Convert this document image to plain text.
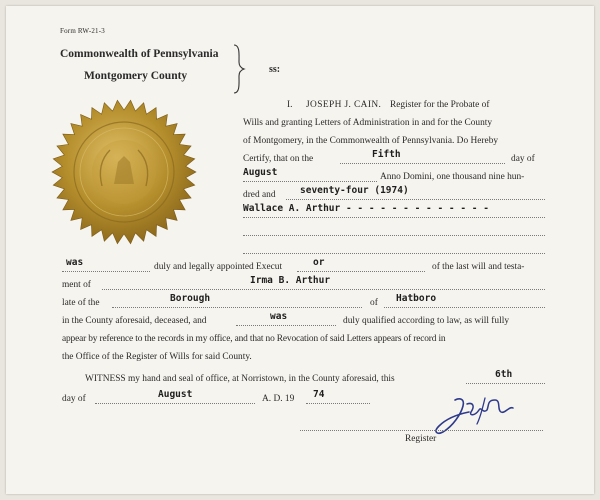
Form RW-21-3
Commonwealth of Pennsylvania
Montgomery County
ss:
I. JOSEPH J. CAIN. Register for the Probate of
Wills and granting Letters of Administration in and for the County
of Montgomery, in the Commonwealth of Pennsylvania. Do Hereby
Certify, that on the	Fifth	day of
August	Anno Domini, one thousand nine hun-
dred and	seventy-four (1974)
Wallace A. Arthur - - - - - - - - - - - - -
was	duly and legally appointed Execut	or	of the last will and testa-
ment of	Irma B. Arthur
late of the	Borough	of Hatboro
in the County aforesaid, deceased, and	was	duly qualified according to law, as will fully
appear by reference to the records in my office, and that no Revocation of said Letters appears of record in
the Office of the Register of Wills for said County.
WITNESS my hand and seal of office, at Norristown, in the County aforesaid, this	6th
day of	August	A. D. 19 74
Register
